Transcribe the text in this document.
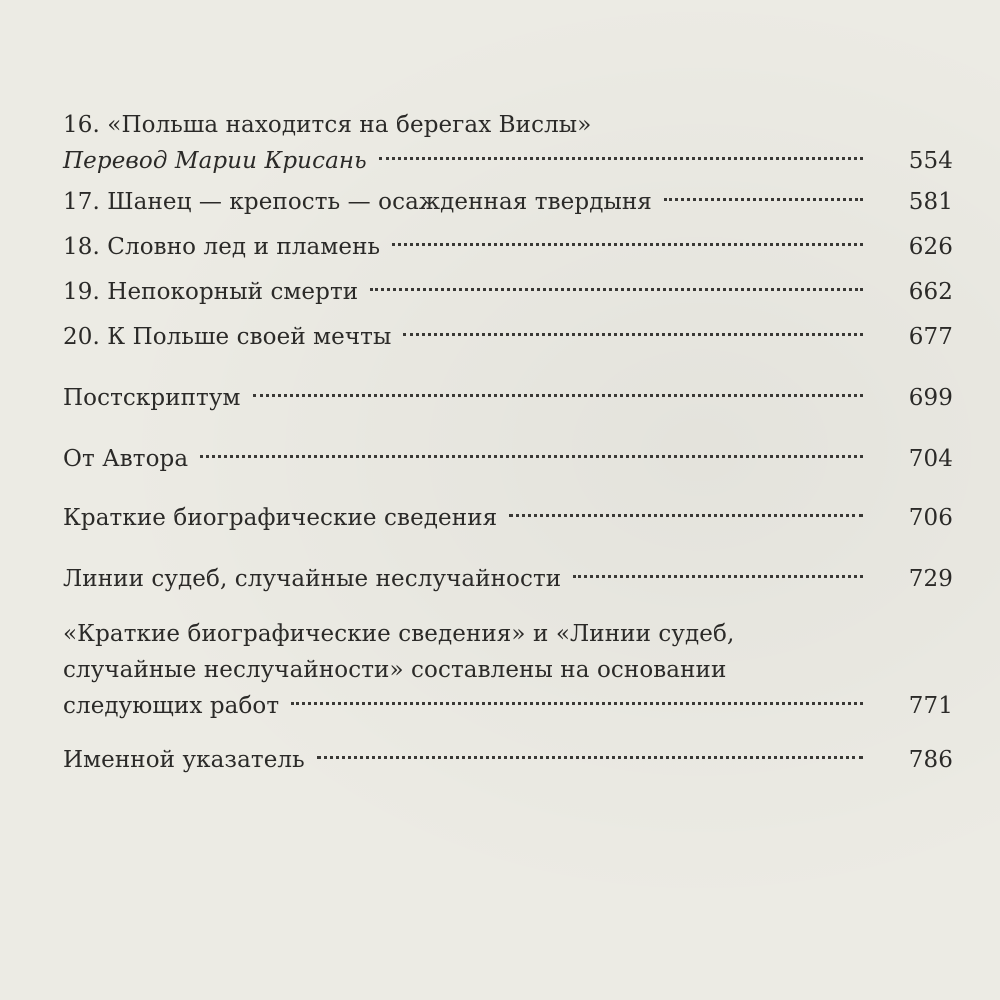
16. «Польша находится на берегах Вислы»
Перевод Марии Крисань	554
17. Шанец — крепость — осажденная твердыня	581
18. Словно лед и пламень	626
19. Непокорный смерти	662
20. К Польше своей мечты	677
Постскриптум	699
От Автора	704
Краткие биографические сведения	706
Линии судеб, случайные неслучайности	729
«Краткие биографические сведения» и «Линии судеб,
случайные неслучайности» составлены на основании
следующих работ	771
Именной указатель	786
